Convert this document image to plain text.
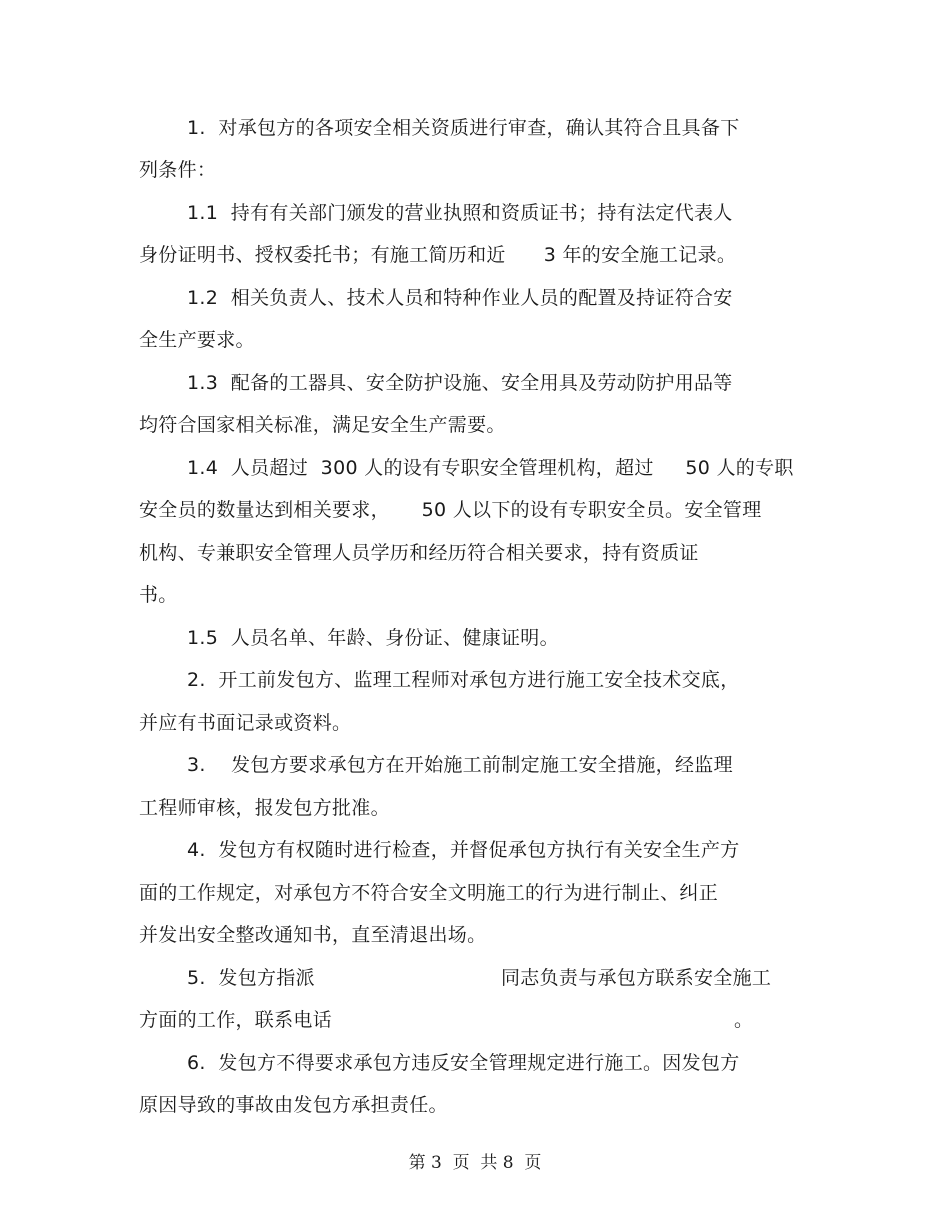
1.  对承包方的各项安全相关资质进行审查，确认其符合且具备下
列条件：
1.1  持有有关部门颁发的营业执照和资质证书；持有法定代表人
身份证明书、授权委托书；有施工简历和近      3 年的安全施工记录。
1.2  相关负责人、技术人员和特种作业人员的配置及持证符合安
全生产要求。
1.3  配备的工器具、安全防护设施、安全用具及劳动防护用品等
均符合国家相关标准，满足安全生产需要。
1.4  人员超过  300 人的设有专职安全管理机构，超过     50 人的专职
安全员的数量达到相关要求，     50 人以下的设有专职安全员。安全管理
机构、专兼职安全管理人员学历和经历符合相关要求，持有资质证
书。
1.5  人员名单、年龄、身份证、健康证明。
2.  开工前发包方、监理工程师对承包方进行施工安全技术交底，
并应有书面记录或资料。
3.    发包方要求承包方在开始施工前制定施工安全措施，经监理
工程师审核，报发包方批准。
4.  发包方有权随时进行检查，并督促承包方执行有关安全生产方
面的工作规定，对承包方不符合安全文明施工的行为进行制止、纠正
并发出安全整改通知书，直至清退出场。
5.  发包方指派	同志负责与承包方联系安全施工
方面的工作，联系电话	。
6.  发包方不得要求承包方违反安全管理规定进行施工。因发包方
原因导致的事故由发包方承担责任。
第 3  页  共 8  页
